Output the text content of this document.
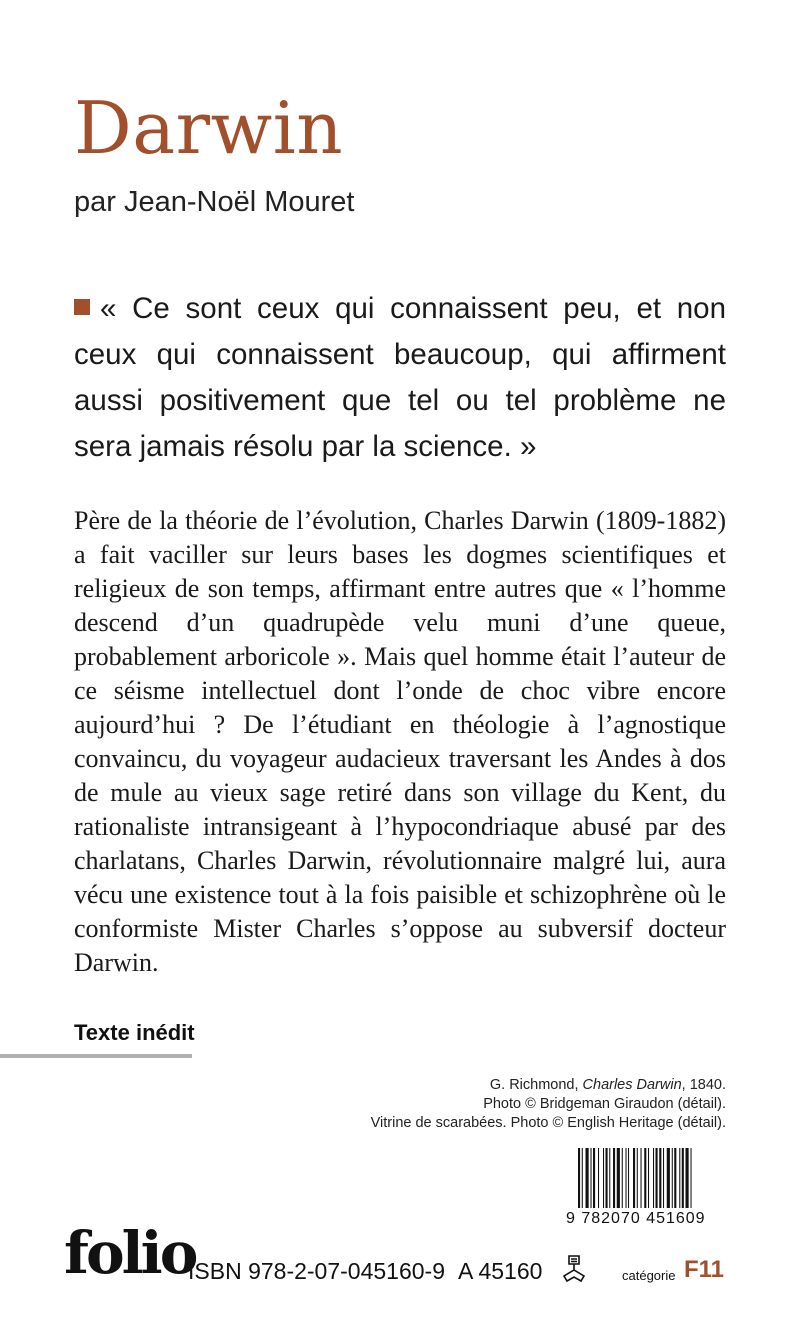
Darwin
par Jean-Noël Mouret
« Ce sont ceux qui connaissent peu, et non ceux qui connaissent beaucoup, qui affirment aussi positivement que tel ou tel problème ne sera jamais résolu par la science. »
Père de la théorie de l’évolution, Charles Darwin (1809-1882) a fait vaciller sur leurs bases les dogmes scientifiques et religieux de son temps, affirmant entre autres que « l’homme descend d’un quadrupède velu muni d’une queue, probablement arboricole ». Mais quel homme était l’auteur de ce séisme intellectuel dont l’onde de choc vibre encore aujourd’hui ? De l’étudiant en théologie à l’agnostique convaincu, du voyageur audacieux traversant les Andes à dos de mule au vieux sage retiré dans son village du Kent, du rationaliste intransigeant à l’hypocondriaque abusé par des charlatans, Charles Darwin, révolutionnaire malgré lui, aura vécu une existence tout à la fois paisible et schizophrène où le conformiste Mister Charles s’oppose au subversif docteur Darwin.
Texte inédit
G. Richmond, Charles Darwin, 1840.
Photo © Bridgeman Giraudon (détail).
Vitrine de scarabées. Photo © English Heritage (détail).
9 782070 451609
folio
ISBN 978-2-07-045160-9 A 45160	catégorie F11
